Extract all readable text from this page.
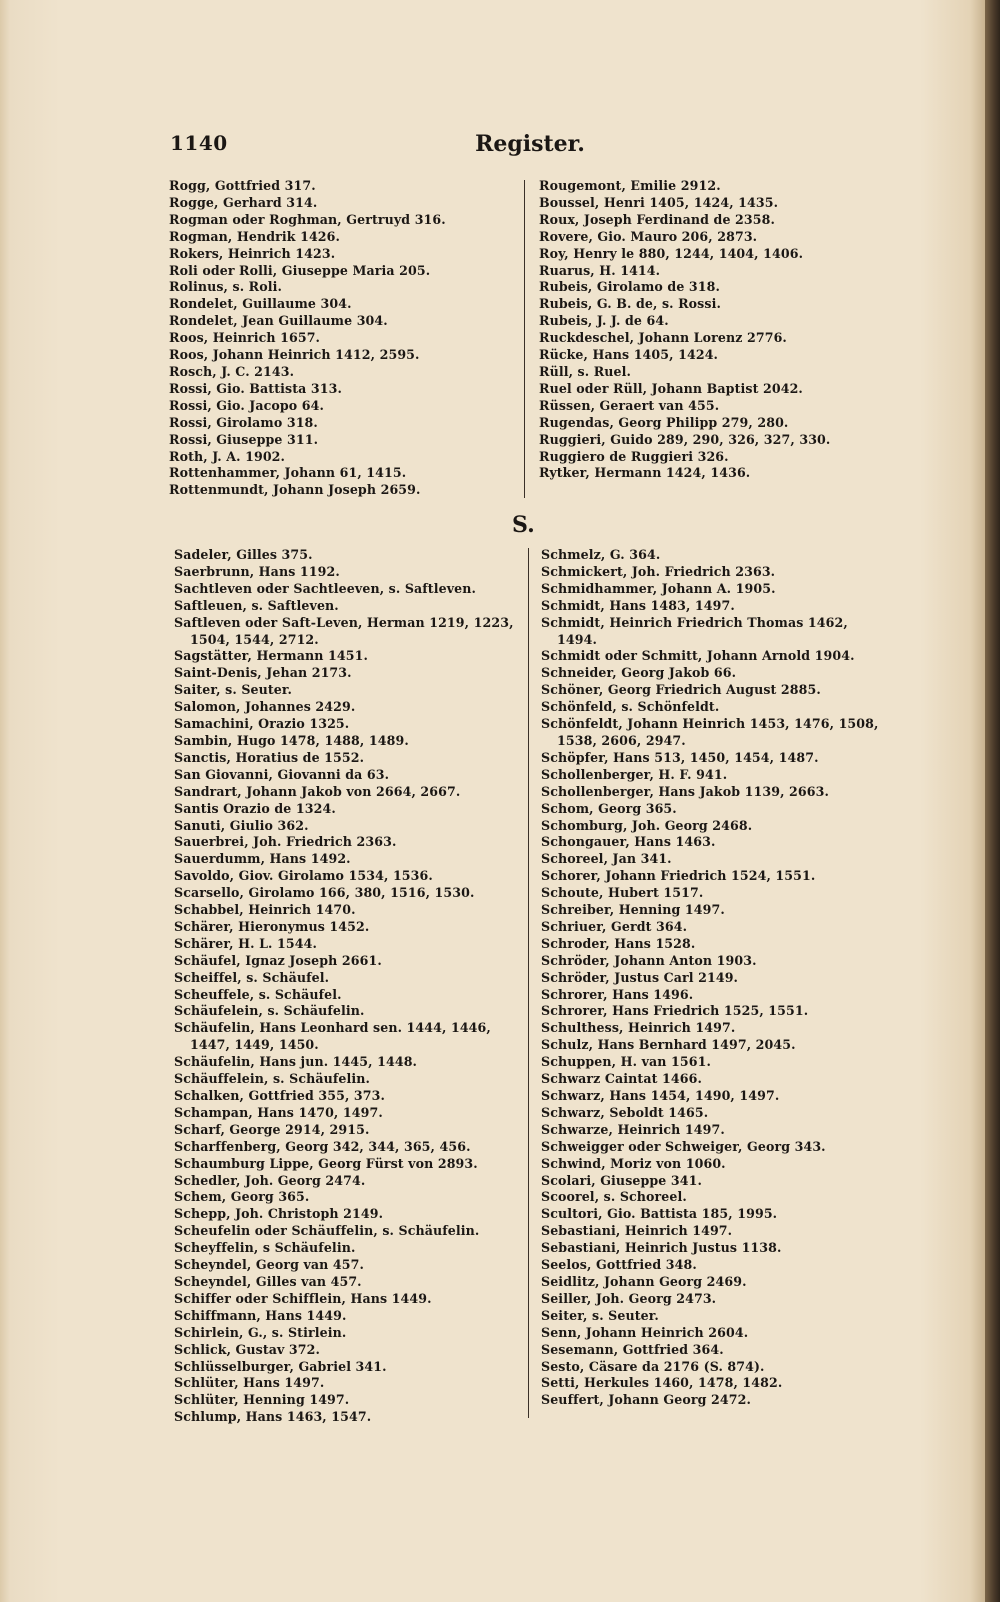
1140	Register.
Rogg, Gottfried 317.
Rogge, Gerhard 314.
Rogman oder Roghman, Gertruyd 316.
Rogman, Hendrik 1426.
Rokers, Heinrich 1423.
Roli oder Rolli, Giuseppe Maria 205.
Rolinus, s. Roli.
Rondelet, Guillaume 304.
Rondelet, Jean Guillaume 304.
Roos, Heinrich 1657.
Roos, Johann Heinrich 1412, 2595.
Rosch, J. C. 2143.
Rossi, Gio. Battista 313.
Rossi, Gio. Jacopo 64.
Rossi, Girolamo 318.
Rossi, Giuseppe 311.
Roth, J. A. 1902.
Rottenhammer, Johann 61, 1415.
Rottenmundt, Johann Joseph 2659.
Rougemont, Emilie 2912.
Boussel, Henri 1405, 1424, 1435.
Roux, Joseph Ferdinand de 2358.
Rovere, Gio. Mauro 206, 2873.
Roy, Henry le 880, 1244, 1404, 1406.
Ruarus, H. 1414.
Rubeis, Girolamo de 318.
Rubeis, G. B. de, s. Rossi.
Rubeis, J. J. de 64.
Ruckdeschel, Johann Lorenz 2776.
Rücke, Hans 1405, 1424.
Rüll, s. Ruel.
Ruel oder Rüll, Johann Baptist 2042.
Rüssen, Geraert van 455.
Rugendas, Georg Philipp 279, 280.
Ruggieri, Guido 289, 290, 326, 327, 330.
Ruggiero de Ruggieri 326.
Rytker, Hermann 1424, 1436.
S.
Sadeler, Gilles 375.
Saerbrunn, Hans 1192.
Sachtleven oder Sachtleeven, s. Saftleven.
Saftleuen, s. Saftleven.
Saftleven oder Saft-Leven, Herman 1219, 1223, 1504, 1544, 2712.
Sagstätter, Hermann 1451.
Saint-Denis, Jehan 2173.
Saiter, s. Seuter.
Salomon, Johannes 2429.
Samachini, Orazio 1325.
Sambin, Hugo 1478, 1488, 1489.
Sanctis, Horatius de 1552.
San Giovanni, Giovanni da 63.
Sandrart, Johann Jakob von 2664, 2667.
Santis Orazio de 1324.
Sanuti, Giulio 362.
Sauerbrei, Joh. Friedrich 2363.
Sauerdumm, Hans 1492.
Savoldo, Giov. Girolamo 1534, 1536.
Scarsello, Girolamo 166, 380, 1516, 1530.
Schabbel, Heinrich 1470.
Schärer, Hieronymus 1452.
Schärer, H. L. 1544.
Schäufel, Ignaz Joseph 2661.
Scheiffel, s. Schäufel.
Scheuffele, s. Schäufel.
Schäufelein, s. Schäufelin.
Schäufelin, Hans Leonhard sen. 1444, 1446, 1447, 1449, 1450.
Schäufelin, Hans jun. 1445, 1448.
Schäuffelein, s. Schäufelin.
Schalken, Gottfried 355, 373.
Schampan, Hans 1470, 1497.
Scharf, George 2914, 2915.
Scharffenberg, Georg 342, 344, 365, 456.
Schaumburg Lippe, Georg Fürst von 2893.
Schedler, Joh. Georg 2474.
Schem, Georg 365.
Schepp, Joh. Christoph 2149.
Scheufelin oder Schäuffelin, s. Schäufelin.
Scheyffelin, s Schäufelin.
Scheyndel, Georg van 457.
Scheyndel, Gilles van 457.
Schiffer oder Schifflein, Hans 1449.
Schiffmann, Hans 1449.
Schirlein, G., s. Stirlein.
Schlick, Gustav 372.
Schlüsselburger, Gabriel 341.
Schlüter, Hans 1497.
Schlüter, Henning 1497.
Schlump, Hans 1463, 1547.
Schmelz, G. 364.
Schmickert, Joh. Friedrich 2363.
Schmidhammer, Johann A. 1905.
Schmidt, Hans 1483, 1497.
Schmidt, Heinrich Friedrich Thomas 1462, 1494.
Schmidt oder Schmitt, Johann Arnold 1904.
Schneider, Georg Jakob 66.
Schöner, Georg Friedrich August 2885.
Schönfeld, s. Schönfeldt.
Schönfeldt, Johann Heinrich 1453, 1476, 1508, 1538, 2606, 2947.
Schöpfer, Hans 513, 1450, 1454, 1487.
Schollenberger, H. F. 941.
Schollenberger, Hans Jakob 1139, 2663.
Schom, Georg 365.
Schomburg, Joh. Georg 2468.
Schongauer, Hans 1463.
Schoreel, Jan 341.
Schorer, Johann Friedrich 1524, 1551.
Schoute, Hubert 1517.
Schreiber, Henning 1497.
Schriuer, Gerdt 364.
Schroder, Hans 1528.
Schröder, Johann Anton 1903.
Schröder, Justus Carl 2149.
Schrorer, Hans 1496.
Schrorer, Hans Friedrich 1525, 1551.
Schulthess, Heinrich 1497.
Schulz, Hans Bernhard 1497, 2045.
Schuppen, H. van 1561.
Schwarz Caintat 1466.
Schwarz, Hans 1454, 1490, 1497.
Schwarz, Seboldt 1465.
Schwarze, Heinrich 1497.
Schweigger oder Schweiger, Georg 343.
Schwind, Moriz von 1060.
Scolari, Giuseppe 341.
Scoorel, s. Schoreel.
Scultori, Gio. Battista 185, 1995.
Sebastiani, Heinrich 1497.
Sebastiani, Heinrich Justus 1138.
Seelos, Gottfried 348.
Seidlitz, Johann Georg 2469.
Seiller, Joh. Georg 2473.
Seiter, s. Seuter.
Senn, Johann Heinrich 2604.
Sesemann, Gottfried 364.
Sesto, Cäsare da 2176 (S. 874).
Setti, Herkules 1460, 1478, 1482.
Seuffert, Johann Georg 2472.
